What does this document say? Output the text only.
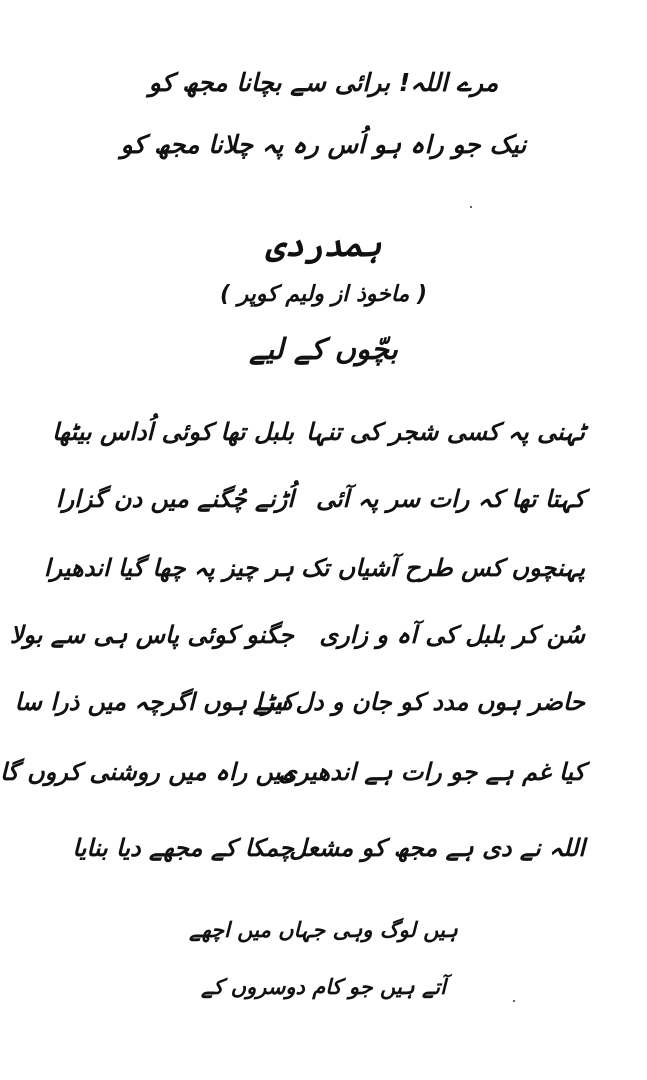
مرے اللہ! برائی سے بچانا مجھ کو
نیک جو راہ ہو اُس رہ پہ چلانا مجھ کو
ہمدردی
( ماخوذ از ولیم کوپر )
بچّوں کے لیے
ٹہنی پہ کسی شجر کی تنہا
بلبل تھا کوئی اُداس بیٹھا
کہتا تھا کہ رات سر پہ آئی
اُڑنے چُگنے میں دن گزارا
پہنچوں کس طرح آشیاں تک
ہر چیز پہ چھا گیا اندھیرا
سُن کر بلبل کی آہ و زاری
جگنو کوئی پاس ہی سے بولا
حاضر ہوں مدد کو جان و دل سے
کیڑا ہوں اگرچہ میں ذرا سا
کیا غم ہے جو رات ہے اندھیری
میں راہ میں روشنی کروں گا
اللہ نے دی ہے مجھ کو مشعل
چمکا کے مجھے دیا بنایا
ہیں لوگ وہی جہاں میں اچھے
آتے ہیں جو کام دوسروں کے
